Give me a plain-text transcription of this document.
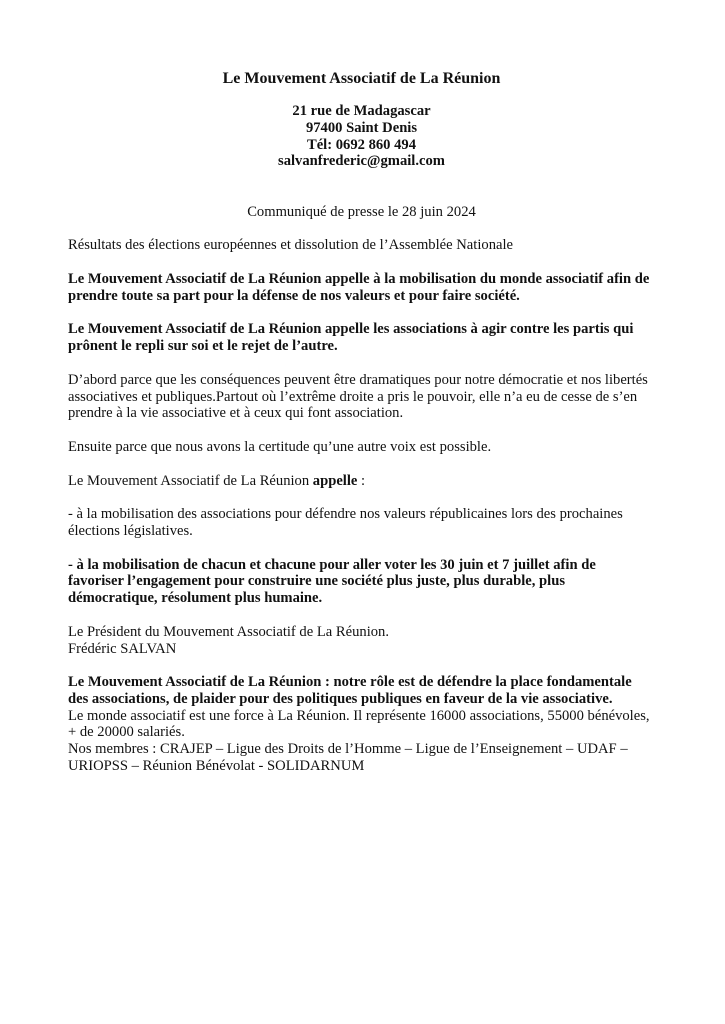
Le Mouvement Associatif de La Réunion
21 rue de Madagascar
97400 Saint Denis
Tél: 0692 860 494
salvanfrederic@gmail.com
Communiqué de presse le 28 juin 2024

Résultats des élections européennes et dissolution de l’Assemblée Nationale

Le Mouvement Associatif de La Réunion appelle à la mobilisation du monde associatif afin de prendre toute sa part pour la défense de nos valeurs et pour faire société.

Le Mouvement Associatif de La Réunion appelle les associations à agir contre les partis qui prônent le repli sur soi et le rejet de l’autre.

D’abord parce que les conséquences peuvent être dramatiques pour notre démocratie et nos libertés associatives et publiques.Partout où l’extrême droite a pris le pouvoir, elle n’a eu de cesse de s’en prendre à la vie associative et à ceux qui font association.

Ensuite parce que nous avons la certitude qu’une autre voix est possible.

Le Mouvement Associatif de La Réunion appelle :

- à la mobilisation des associations pour défendre nos valeurs républicaines lors des prochaines élections législatives.

- à la mobilisation de chacun et chacune pour aller voter les 30 juin et 7 juillet afin de favoriser l’engagement pour construire une société plus juste, plus durable, plus démocratique, résolument plus humaine.

Le Président du Mouvement Associatif de La Réunion.
Frédéric SALVAN
Le Mouvement Associatif de La Réunion : notre rôle est de défendre la place fondamentale des associations, de plaider pour des politiques publiques en faveur de la vie associative.
Le monde associatif est une force à La Réunion. Il représente 16000 associations, 55000 bénévoles, + de 20000 salariés.
Nos membres : CRAJEP – Ligue des Droits de l’Homme – Ligue de l’Enseignement – UDAF – URIOPSS – Réunion Bénévolat - SOLIDARNUM
